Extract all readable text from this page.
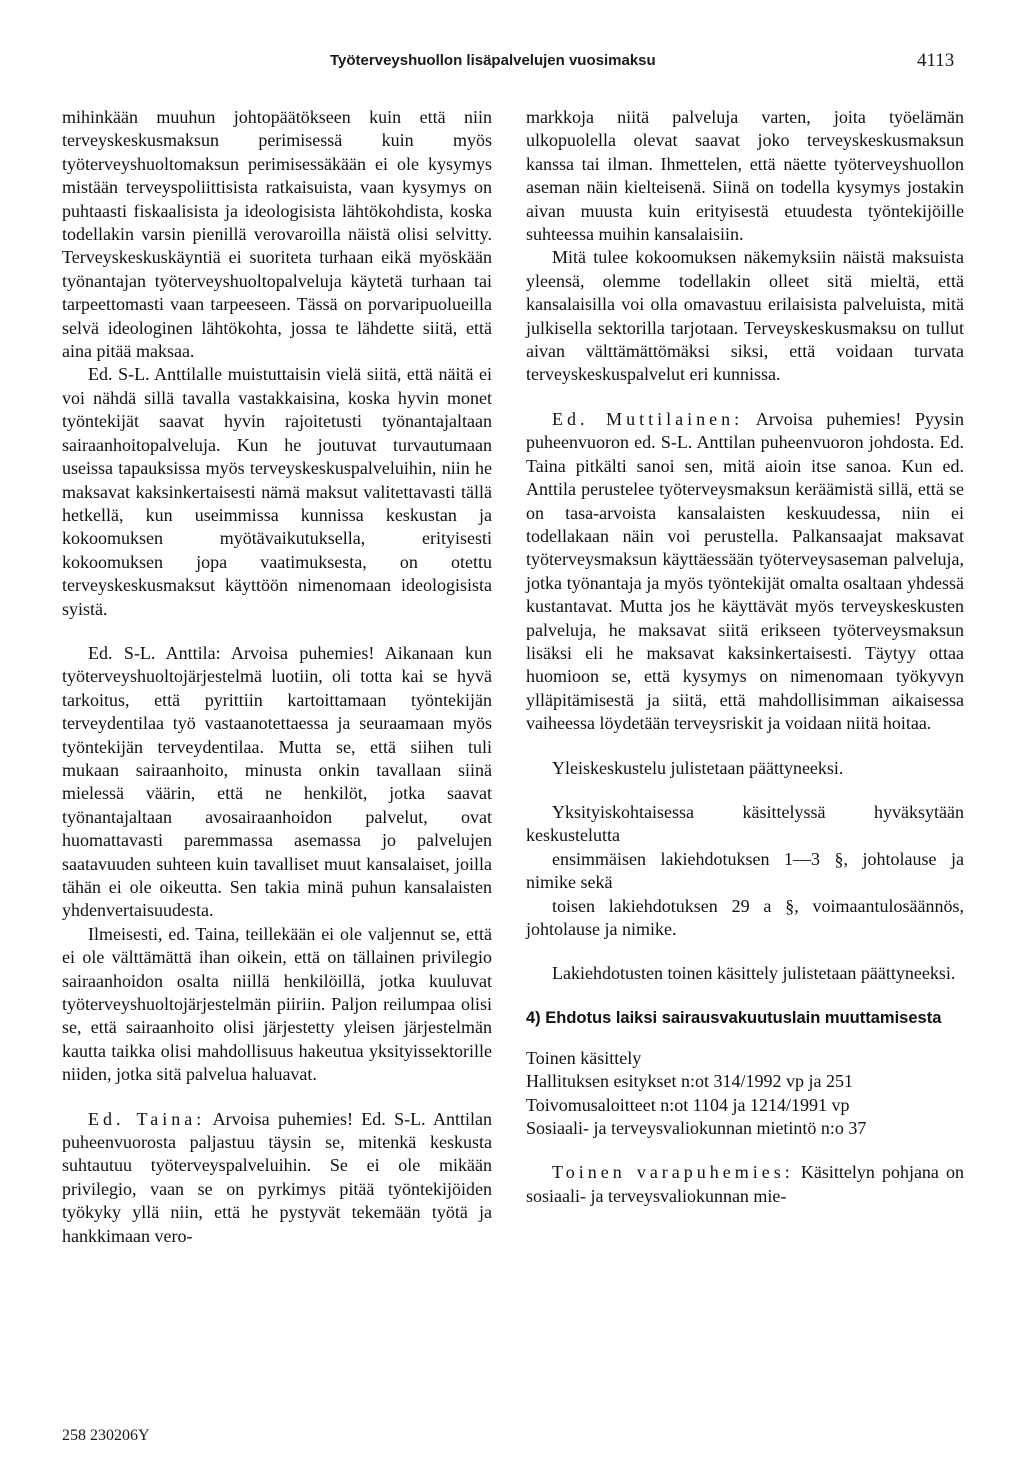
Työterveyshuollon lisäpalvelujen vuosimaksu	4113

mihinkään muuhun johtopäätökseen kuin että niin terveyskeskusmaksun perimisessä kuin myös työterveyshuoltomaksun perimisessäkään ei ole kysymys mistään terveyspoliittisista ratkaisuista, vaan kysymys on puhtaasti fiskaalisista ja ideologisista lähtökohdista, koska todellakin varsin pienillä verovaroilla näistä olisi selvitty. Terveyskeskuskäyntiä ei suoriteta turhaan eikä myöskään työnantajan työterveyshuoltopalveluja käytetä turhaan tai tarpeettomasti vaan tarpeeseen. Tässä on porvaripuolueilla selvä ideologinen lähtökohta, jossa te lähdette siitä, että aina pitää maksaa.

Ed. S-L. Anttilalle muistuttaisin vielä siitä, että näitä ei voi nähdä sillä tavalla vastakkaisina, koska hyvin monet työntekijät saavat hyvin rajoitetusti työnantajaltaan sairaanhoitopalveluja. Kun he joutuvat turvautumaan useissa tapauksissa myös terveyskeskuspalveluihin, niin he maksavat kaksinkertaisesti nämä maksut valitettavasti tällä hetkellä, kun useimmissa kunnissa keskustan ja kokoomuksen myötävaikutuksella, erityisesti kokoomuksen jopa vaatimuksesta, on otettu terveyskeskusmaksut käyttöön nimenomaan ideologisista syistä.

Ed. S-L. Anttila: Arvoisa puhemies! Aikanaan kun työterveyshuoltojärjestelmä luotiin, oli totta kai se hyvä tarkoitus, että pyrittiin kartoittamaan työntekijän terveydentilaa työ vastaanotettaessa ja seuraamaan myös työntekijän terveydentilaa. Mutta se, että siihen tuli mukaan sairaanhoito, minusta onkin tavallaan siinä mielessä väärin, että ne henkilöt, jotka saavat työnantajaltaan avosairaanhoidon palvelut, ovat huomattavasti paremmassa asemassa jo palvelujen saatavuuden suhteen kuin tavalliset muut kansalaiset, joilla tähän ei ole oikeutta. Sen takia minä puhun kansalaisten yhdenvertaisuudesta.

Ilmeisesti, ed. Taina, teillekään ei ole valjennut se, että ei ole välttämättä ihan oikein, että on tällainen privilegio sairaanhoidon osalta niillä henkilöillä, jotka kuuluvat työterveyshuoltojärjestelmän piiriin. Paljon reilumpaa olisi se, että sairaanhoito olisi järjestetty yleisen järjestelmän kautta taikka olisi mahdollisuus hakeutua yksityissektorille niiden, jotka sitä palvelua haluavat.

Ed. Taina: Arvoisa puhemies! Ed. S-L. Anttilan puheenvuorosta paljastuu täysin se, mitenkä keskusta suhtautuu työterveyspalveluihin. Se ei ole mikään privilegio, vaan se on pyrkimys pitää työntekijöiden työkyky yllä niin, että he pystyvät tekemään työtä ja hankkimaan vero-

markkoja niitä palveluja varten, joita työelämän ulkopuolella olevat saavat joko terveyskeskusmaksun kanssa tai ilman. Ihmettelen, että näette työterveyshuollon aseman näin kielteisenä. Siinä on todella kysymys jostakin aivan muusta kuin erityisestä etuudesta työntekijöille suhteessa muihin kansalaisiin.

Mitä tulee kokoomuksen näkemyksiin näistä maksuista yleensä, olemme todellakin olleet sitä mieltä, että kansalaisilla voi olla omavastuu erilaisista palveluista, mitä julkisella sektorilla tarjotaan. Terveyskeskusmaksu on tullut aivan välttämättömäksi siksi, että voidaan turvata terveyskeskuspalvelut eri kunnissa.

Ed. Muttilainen: Arvoisa puhemies! Pyysin puheenvuoron ed. S-L. Anttilan puheenvuoron johdosta. Ed. Taina pitkälti sanoi sen, mitä aioin itse sanoa. Kun ed. Anttila perustelee työterveysmaksun keräämistä sillä, että se on tasa-arvoista kansalaisten keskuudessa, niin ei todellakaan näin voi perustella. Palkansaajat maksavat työterveysmaksun käyttäessään työterveysaseman palveluja, jotka työnantaja ja myös työntekijät omalta osaltaan yhdessä kustantavat. Mutta jos he käyttävät myös terveyskeskusten palveluja, he maksavat siitä erikseen työterveysmaksun lisäksi eli he maksavat kaksinkertaisesti. Täytyy ottaa huomioon se, että kysymys on nimenomaan työkyvyn ylläpitämisestä ja siitä, että mahdollisimman aikaisessa vaiheessa löydetään terveysriskit ja voidaan niitä hoitaa.

Yleiskeskustelu julistetaan päättyneeksi.

Yksityiskohtaisessa käsittelyssä hyväksytään keskustelutta

ensimmäisen lakiehdotuksen 1—3 §, johtolause ja nimike sekä

toisen lakiehdotuksen 29 a §, voimaantulosäännös, johtolause ja nimike.

Lakiehdotusten toinen käsittely julistetaan päättyneeksi.

4) Ehdotus laiksi sairausvakuutuslain muuttamisesta

Toinen käsittely

Hallituksen esitykset n:ot 314/1992 vp ja 251

Toivomusaloitteet n:ot 1104 ja 1214/1991 vp

Sosiaali- ja terveysvaliokunnan mietintö n:o 37

Toinen varapuhemies: Käsittelyn pohjana on sosiaali- ja terveysvaliokunnan mie-

258 230206Y
